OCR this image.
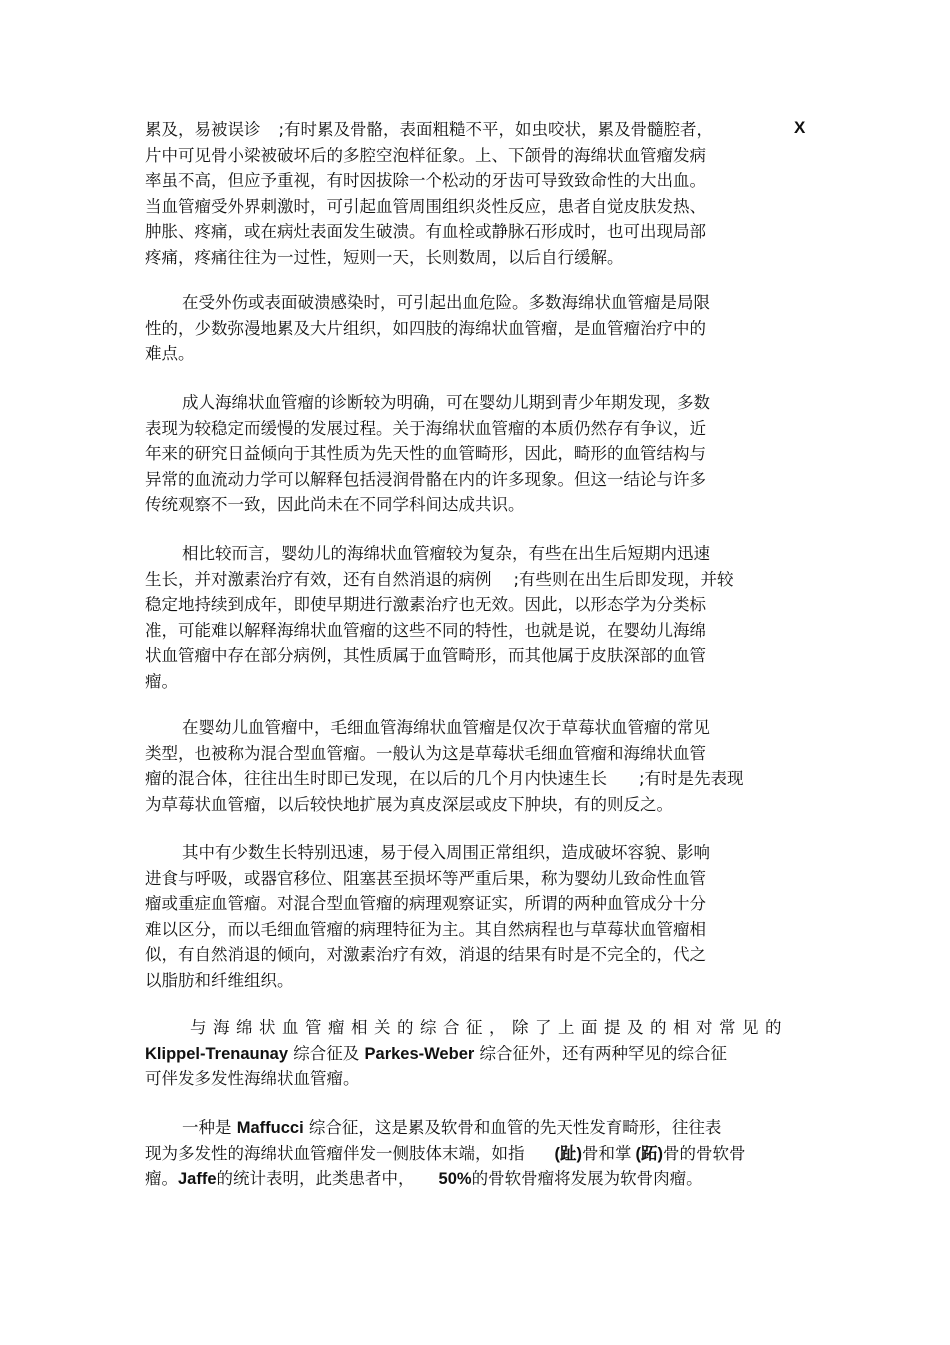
X
累及，易被误诊 ;有时累及骨骼，表面粗糙不平，如虫咬状，累及骨髓腔者，
片中可见骨小梁被破坏后的多腔空泡样征象。上、下颌骨的海绵状血管瘤发病
率虽不高，但应予重视，有时因拔除一个松动的牙齿可导致致命性的大出血。
当血管瘤受外界刺激时，可引起血管周围组织炎性反应，患者自觉皮肤发热、
肿胀、疼痛，或在病灶表面发生破溃。有血栓或静脉石形成时，也可出现局部
疼痛，疼痛往往为一过性，短则一天，长则数周，以后自行缓解。
在受外伤或表面破溃感染时，可引起出血危险。多数海绵状血管瘤是局限
性的，少数弥漫地累及大片组织，如四肢的海绵状血管瘤，是血管瘤治疗中的
难点。
成人海绵状血管瘤的诊断较为明确，可在婴幼儿期到青少年期发现，多数
表现为较稳定而缓慢的发展过程。关于海绵状血管瘤的本质仍然存有争议，近
年来的研究日益倾向于其性质为先天性的血管畸形，因此，畸形的血管结构与
异常的血流动力学可以解释包括浸润骨骼在内的许多现象。但这一结论与许多
传统观察不一致，因此尚未在不同学科间达成共识。
相比较而言，婴幼儿的海绵状血管瘤较为复杂，有些在出生后短期内迅速
生长，并对激素治疗有效，还有自然消退的病例 ;有些则在出生后即发现，并较
稳定地持续到成年，即使早期进行激素治疗也无效。因此，以形态学为分类标
准，可能难以解释海绵状血管瘤的这些不同的特性，也就是说，在婴幼儿海绵
状血管瘤中存在部分病例，其性质属于血管畸形，而其他属于皮肤深部的血管
瘤。
在婴幼儿血管瘤中，毛细血管海绵状血管瘤是仅次于草莓状血管瘤的常见
类型，也被称为混合型血管瘤。一般认为这是草莓状毛细血管瘤和海绵状血管
瘤的混合体，往往出生时即已发现，在以后的几个月内快速生长 ;有时是先表现
为草莓状血管瘤，以后较快地扩展为真皮深层或皮下肿块，有的则反之。
其中有少数生长特别迅速，易于侵入周围正常组织，造成破坏容貌、影响
进食与呼吸，或器官移位、阻塞甚至损坏等严重后果，称为婴幼儿致命性血管
瘤或重症血管瘤。对混合型血管瘤的病理观察证实，所谓的两种血管成分十分
难以区分，而以毛细血管瘤的病理特征为主。其自然病程也与草莓状血管瘤相
似，有自然消退的倾向，对激素治疗有效，消退的结果有时是不完全的，代之
以脂肪和纤维组织。
与海绵状血管瘤相关的综合征，除了上面提及的相对常见的
Klippel-Trenaunay 综合征及 Parkes-Weber 综合征外，还有两种罕见的综合征
可伴发多发性海绵状血管瘤。
一种是 Maffucci 综合征，这是累及软骨和血管的先天性发育畸形，往往表
现为多发性的海绵状血管瘤伴发一侧肢体末端，如指 (趾)骨和掌 (跖)骨的骨软骨
瘤。Jaffe的统计表明，此类患者中， 50%的骨软骨瘤将发展为软骨肉瘤。
